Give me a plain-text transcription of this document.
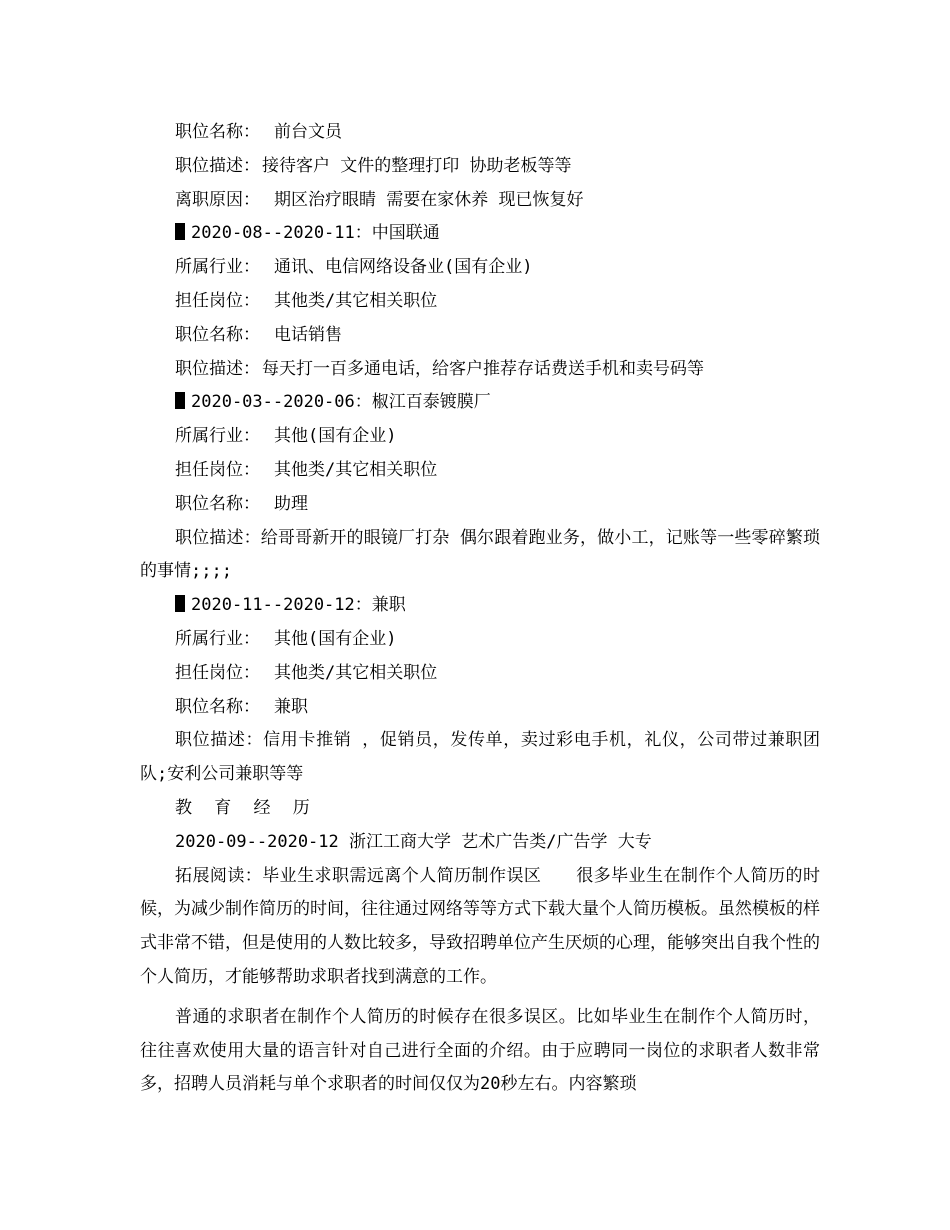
职位名称： 前台文员
职位描述： 接待客户 文件的整理打印 协助老板等等
离职原因： 期区治疗眼睛 需要在家休养 现已恢复好
2020-08--2020-11：中国联通
所属行业： 通讯、电信网络设备业(国有企业)
担任岗位： 其他类/其它相关职位
职位名称： 电话销售
职位描述： 每天打一百多通电话，给客户推荐存话费送手机和卖号码等
2020-03--2020-06：椒江百泰镀膜厂
所属行业： 其他(国有企业)
担任岗位： 其他类/其它相关职位
职位名称： 助理

职位描述：给哥哥新开的眼镜厂打杂 偶尔跟着跑业务，做小工，记账等一些零碎繁琐的事情;;;;

2020-11--2020-12：兼职
所属行业： 其他(国有企业)
担任岗位： 其他类/其它相关职位
职位名称： 兼职

职位描述：信用卡推销 ，促销员，发传单，卖过彩电手机，礼仪，公司带过兼职团队;安利公司兼职等等

教 育 经 历
2020-09--2020-12 浙江工商大学 艺术广告类/广告学 大专

拓展阅读：毕业生求职需远离个人简历制作误区　　很多毕业生在制作个人简历的时候，为减少制作简历的时间，往往通过网络等等方式下载大量个人简历模板。虽然模板的样式非常不错，但是使用的人数比较多，导致招聘单位产生厌烦的心理，能够突出自我个性的个人简历，才能够帮助求职者找到满意的工作。

普通的求职者在制作个人简历的时候存在很多误区。比如毕业生在制作个人简历时，往往喜欢使用大量的语言针对自己进行全面的介绍。由于应聘同一岗位的求职者人数非常多，招聘人员消耗与单个求职者的时间仅仅为20秒左右。内容繁琐
